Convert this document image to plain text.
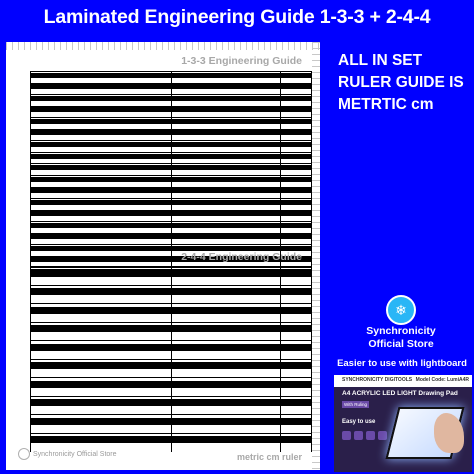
Laminated Engineering Guide 1-3-3 + 2-4-4
1-3-3 Engineering Guide
2-4-4 Engineering Guide
Synchronicity Official Store	metric cm ruler
ALL IN SET
RULER GUIDE IS
METRTIC cm
❄
Synchronicity
Official Store
Easier to use with lightboard
SYNCHRONICITY DIGITOOLS Model Code: LumiA4R
A4 ACRYLIC LED LIGHT Drawing Pad
With Ruling
Easy to use
